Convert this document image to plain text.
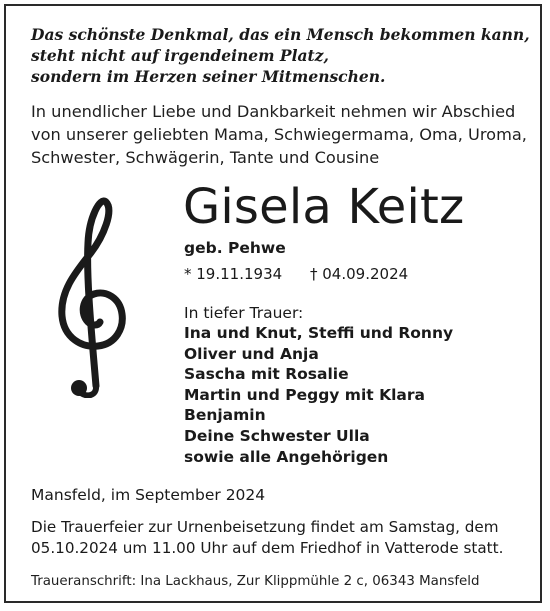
Das schönste Denkmal, das ein Mensch bekommen kann,
steht nicht auf irgendeinem Platz,
sondern im Herzen seiner Mitmenschen.
In unendlicher Liebe und Dankbarkeit nehmen wir Abschied
von unserer geliebten Mama, Schwiegermama, Oma, Uroma,
Schwester, Schwägerin, Tante und Cousine
Gisela Keitz
geb. Pehwe
* 19.11.1934 † 04.09.2024
In tiefer Trauer:
Ina und Knut, Steffi und Ronny
Oliver und Anja
Sascha mit Rosalie
Martin und Peggy mit Klara
Benjamin
Deine Schwester Ulla
sowie alle Angehörigen
Mansfeld, im September 2024
Die Trauerfeier zur Urnenbeisetzung findet am Samstag, dem
05.10.2024 um 11.00 Uhr auf dem Friedhof in Vatterode statt.
Traueranschrift: Ina Lackhaus, Zur Klippmühle 2 c, 06343 Mansfeld
